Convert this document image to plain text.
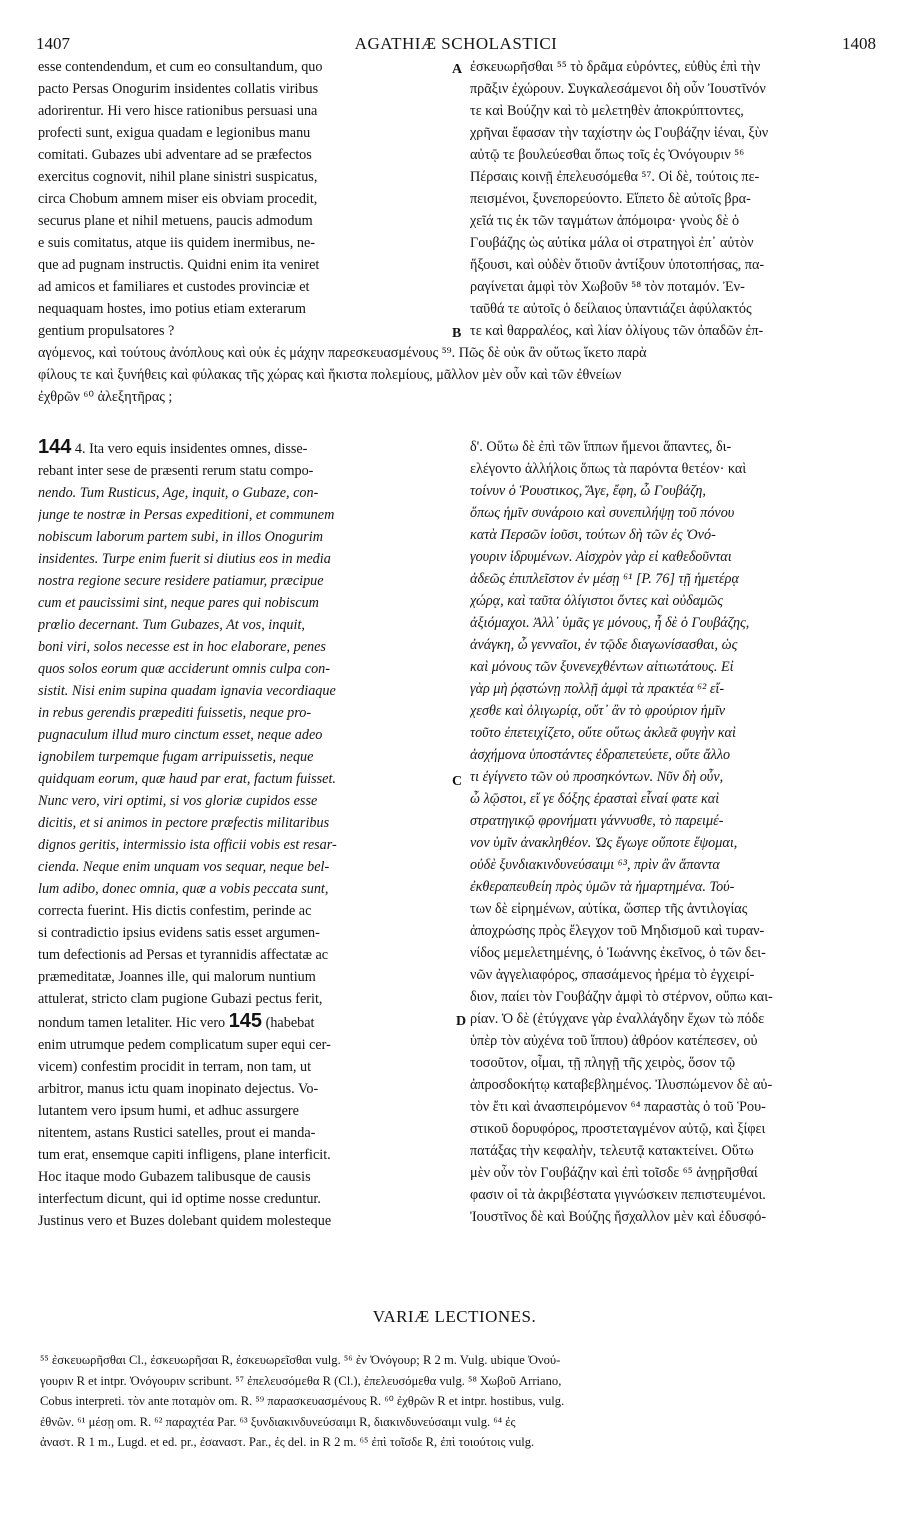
1407	AGATHIÆ SCHOLASTICI	1408
esse contendendum, et cum eo consultandum, quo
pacto Persas Onogurim insidentes collatis viribus
adorirentur. Hi vero hisce rationibus persuasi una
profecti sunt, exigua quadam e legionibus manu
comitati. Gubazes ubi adventare ad se præfectos
exercitus cognovit, nihil plane sinistri suspicatus,
circa Chobum amnem miser eis obviam procedit,
securus plane et nihil metuens, paucis admodum
e suis comitatus, atque iis quidem inermibus, ne-
que ad pugnam instructis. Quidni enim ita veniret
ad amicos et familiares et custodes provinciæ et
nequaquam hostes, imo potius etiam exterarum
gentium propulsatores ?
A
B
C
D
ἐσκευωρῆσθαι ⁵⁵ τὸ δρᾶμα εὑρόντες, εὐθὺς ἐπὶ τὴν
πρᾶξιν ἐχώρουν. Συγκαλεσάμενοι δὴ οὖν Ἰουστῖνόν
τε καὶ Βούζην καὶ τὸ μελετηθὲν ἀποκρύπτοντες,
χρῆναι ἔφασαν τὴν ταχίστην ὡς Γουβάζην ἰέναι, ξὺν
αὐτῷ τε βουλεύεσθαι ὅπως τοῖς ἐς Ὀνόγουριν ⁵⁶
Πέρσαις κοινῇ ἐπελευσόμεθα ⁵⁷. Οἱ δὲ, τούτοις πε-
πεισμένοι, ξυνεπορεύοντο. Εἵπετο δὲ αὐτοῖς βρα-
χεῖά τις ἐκ τῶν ταγμάτων ἀπόμοιρα· γνοὺς δὲ ὁ
Γουβάζης ὡς αὐτίκα μάλα οἱ στρατηγοὶ ἐπ᾽ αὐτὸν
ἥξουσι, καὶ οὐδὲν ὅτιοῦν ἀντίξουν ὑποτοπήσας, πα-
ραγίνεται ἀμφὶ τὸν Χωβοῦν ⁵⁸ τὸν ποταμόν. Ἐν-
ταῦθά τε αὐτοῖς ὁ δείλαιος ὑπαντιάζει ἀφύλακτός
τε καὶ θαρραλέος, καὶ λίαν ὀλίγους τῶν ὀπαδῶν ἐπ-
αγόμενος, καὶ τούτους ἀνόπλους καὶ οὐκ ἐς μάχην παρεσκευασμένους ⁵⁹. Πῶς δὲ οὐκ ἂν οὕτως ἵκετο παρὰ
φίλους τε καὶ ξυνήθεις καὶ φύλακας τῆς χώρας καὶ ἥκιστα πολεμίους, μᾶλλον μὲν οὖν καὶ τῶν ἐθνείων
ἐχθρῶν ⁶⁰ ἀλεξητῆρας ;
144 4. Ita vero equis insidentes omnes, disse-
rebant inter sese de præsenti rerum statu compo-
nendo. Tum Rusticus, Age, inquit, o Gubaze, con-
junge te nostræ in Persas expeditioni, et communem
nobiscum laborum partem subi, in illos Onogurim
insidentes. Turpe enim fuerit si diutius eos in media
nostra regione secure residere patiamur, præcipue
cum et paucissimi sint, neque pares qui nobiscum
prœlio decernant. Tum Gubazes, At vos, inquit,
boni viri, solos necesse est in hoc elaborare, penes
quos solos eorum quæ acciderunt omnis culpa con-
sistit. Nisi enim supina quadam ignavia vecordiaque
in rebus gerendis præpediti fuissetis, neque pro-
pugnaculum illud muro cinctum esset, neque adeo
ignobilem turpemque fugam arripuissetis, neque
quidquam eorum, quæ haud par erat, factum fuisset.
Nunc vero, viri optimi, si vos gloriæ cupidos esse
dicitis, et si animos in pectore præfectis militaribus
dignos geritis, intermissio ista officii vobis est resar-
cienda. Neque enim unquam vos sequar, neque bel-
lum adibo, donec omnia, quæ a vobis peccata sunt,
correcta fuerint. His dictis confestim, perinde ac
si contradictio ipsius evidens satis esset argumen-
tum defectionis ad Persas et tyrannidis affectatæ ac
præmeditatæ, Joannes ille, qui malorum nuntium
attulerat, stricto clam pugione Gubazi pectus ferit,
nondum tamen letaliter. Hic vero 145 (habebat
enim utrumque pedem complicatum super equi cer-
vicem) confestim procidit in terram, non tam, ut
arbitror, manus ictu quam inopinato dejectus. Vo-
lutantem vero ipsum humi, et adhuc assurgere
nitentem, astans Rustici satelles, prout ei manda-
tum erat, ensemque capiti infligens, plane interficit.
Hoc itaque modo Gubazem talibusque de causis
interfectum dicunt, qui id optime nosse creduntur.
Justinus vero et Buzes dolebant quidem molesteque
δ'. Οὕτω δὲ ἐπὶ τῶν ἵππων ἥμενοι ἅπαντες, δι-
ελέγοντο ἀλλήλοις ὅπως τὰ παρόντα θετέον· καὶ
τοίνυν ὁ Ῥουστικος, Ἄγε, ἔφη, ὦ Γουβάζη,
ὅπως ἡμῖν συνάροιο καὶ συνεπιλήψῃ τοῦ πόνου
κατὰ Περσῶν ἰοῦσι, τούτων δὴ τῶν ἐς Ὀνό-
γουριν ἱδρυμένων. Αἰσχρὸν γὰρ εἰ καθεδοῦνται
ἀδεῶς ἐπιπλεῖστον ἐν μέσῃ ⁶¹ [P. 76] τῇ ἡμετέρᾳ
χώρᾳ, καὶ ταῦτα ὀλίγιστοι ὄντες καὶ οὐδαμῶς
ἀξιόμαχοι. Ἀλλ᾽ ὑμᾶς γε μόνους, ἦ δὲ ὁ Γουβάζης,
ἀνάγκη, ὦ γενναῖοι, ἐν τῷδε διαγωνίσασθαι, ὡς
καὶ μόνους τῶν ξυνενεχθέντων αἰτιωτάτους. Εἰ
γὰρ μὴ ῥᾳστώνῃ πολλῇ ἀμφὶ τὰ πρακτέα ⁶² εἴ-
χεσθε καὶ ὀλιγωρίᾳ, οὔτ᾽ ἂν τὸ φρούριον ἡμῖν
τοῦτο ἐπετειχίζετο, οὔτε οὕτως ἀκλεᾶ φυγὴν καὶ
ἀσχήμονα ὑποστάντες ἐδραπετεύετε, οὔτε ἄλλο
τι ἐγίγνετο τῶν οὐ προσηκόντων. Νῦν δὴ οὖν,
ὦ λῷστοι, εἴ γε δόξης ἐρασταὶ εἶναί φατε καὶ
στρατηγικῷ φρονήματι γάννυσθε, τὸ παρειμέ-
νον ὑμῖν ἀνακληθέον. Ὡς ἔγωγε οὔποτε ἕψομαι,
οὐδὲ ξυνδιακινδυνεύσαιμι ⁶³, πρὶν ἂν ἅπαντα
ἐκθεραπευθείη πρὸς ὑμῶν τὰ ἡμαρτημένα. Τού-
των δὲ εἰρημένων, αὐτίκα, ὥσπερ τῆς ἀντιλογίας
ἀποχρώσης πρὸς ἔλεγχον τοῦ Μηδισμοῦ καὶ τυραν-
νίδος μεμελετημένης, ὁ Ἰωάννης ἐκεῖνος, ὁ τῶν δει-
νῶν ἀγγελιαφόρος, σπασάμενος ἠρέμα τὸ ἐγχειρί-
διον, παίει τὸν Γουβάζην ἀμφὶ τὸ στέρνον, οὔπω και-
ρίαν. Ὁ δὲ (ἐτύγχανε γὰρ ἐναλλάγδην ἔχων τὼ πόδε
ὑπὲρ τὸν αὐχένα τοῦ ἵππου) ἀθρόον κατέπεσεν, οὐ
τοσοῦτον, οἶμαι, τῇ πληγῇ τῆς χειρὸς, ὅσον τῷ
ἀπροσδοκήτῳ καταβεβλημένος. Ἰλυσπώμενον δὲ αὐ-
τὸν ἔτι καὶ ἀνασπειρόμενον ⁶⁴ παραστὰς ὁ τοῦ Ῥου-
στικοῦ δορυφόρος, προστεταγμένον αὐτῷ, καὶ ξίφει
πατάξας τὴν κεφαλὴν, τελευτᾷ κατακτείνει. Οὕτω
μὲν οὖν τὸν Γουβάζην καὶ ἐπὶ τοῖσδε ⁶⁵ ἀνῃρῆσθαί
φασιν οἱ τὰ ἀκριβέστατα γιγνώσκειν πεπιστευμένοι.
Ἰουστῖνος δὲ καὶ Βούζης ἤσχαλλον μὲν καὶ ἐδυσφό-
VARIÆ LECTIONES.
⁵⁵ ἐσκευωρῆσθαι Cl., ἐσκευωρῆσαι R, ἐσκευωρεῖσθαι vulg. ⁵⁶ ἐν Ὀνόγουρ; R 2 m. Vulg. ubique Ὀνού-
γουριν R et intpr. Ὀνόγουριν scribunt. ⁵⁷ ἐπελευσόμεθα R (Cl.), ἐπελευσόμεθα vulg. ⁵⁸ Χωβοῦ Arriano,
Cobus interpreti. τὸν ante ποταμὸν om. R. ⁵⁹ παρασκευασμένους R. ⁶⁰ ἐχθρῶν R et intpr. hostibus, vulg.
ἐθνῶν. ⁶¹ μέσῃ om. R. ⁶² παραχτέα Par. ⁶³ ξυνδιακινδυνεύσαιμι R, διακινδυνεύσαιμι vulg. ⁶⁴ ἐς
ἀναστ. R 1 m., Lugd. et ed. pr., ἐσαναστ. Par., ἐς del. in R 2 m. ⁶⁵ ἐπὶ τοῖσδε R, ἐπὶ τοιούτοις vulg.
